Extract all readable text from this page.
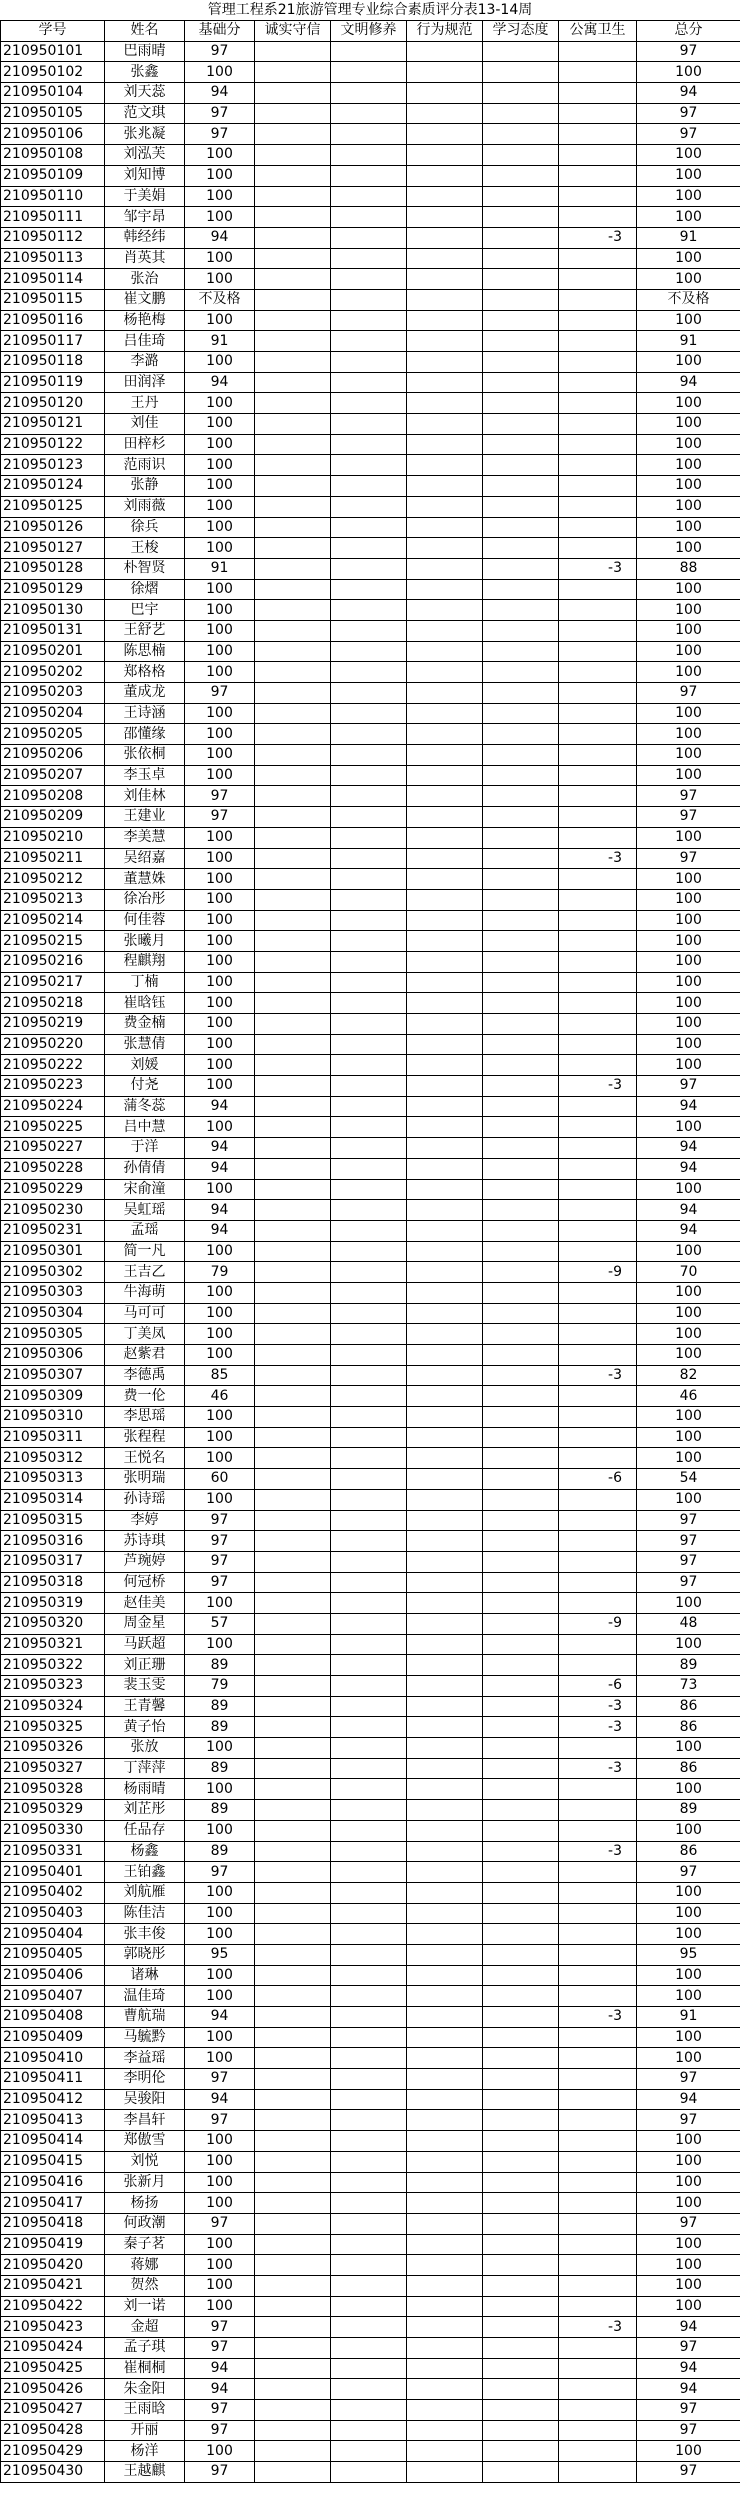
管理工程系21旅游管理专业综合素质评分表13-14周
学号	姓名	基础分	诚实守信	文明修养	行为规范	学习态度	公寓卫生	总分
210950101	巴雨晴	97						97
210950102	张鑫	100						100
210950104	刘天蕊	94						94
210950105	范文琪	97						97
210950106	张兆凝	97						97
210950108	刘泓芙	100						100
210950109	刘知博	100						100
210950110	于美娟	100						100
210950111	邹宇昂	100						100
210950112	韩经纬	94					-3	91
210950113	肖英其	100						100
210950114	张治	100						100
210950115	崔文鹏	不及格						不及格
210950116	杨艳梅	100						100
210950117	吕佳琦	91						91
210950118	李潞	100						100
210950119	田润泽	94						94
210950120	王丹	100						100
210950121	刘佳	100						100
210950122	田梓杉	100						100
210950123	范雨识	100						100
210950124	张静	100						100
210950125	刘雨薇	100						100
210950126	徐兵	100						100
210950127	王梭	100						100
210950128	朴智贤	91					-3	88
210950129	徐熠	100						100
210950130	巴宇	100						100
210950131	王舒艺	100						100
210950201	陈思楠	100						100
210950202	郑格格	100						100
210950203	董成龙	97						97
210950204	王诗涵	100						100
210950205	邵懂缘	100						100
210950206	张依桐	100						100
210950207	李玉卓	100						100
210950208	刘佳林	97						97
210950209	王建业	97						97
210950210	李美慧	100						100
210950211	吴绍嘉	100					-3	97
210950212	董慧姝	100						100
210950213	徐冶彤	100						100
210950214	何佳蓉	100						100
210950215	张曦月	100						100
210950216	程麒翔	100						100
210950217	丁楠	100						100
210950218	崔晗钰	100						100
210950219	费金楠	100						100
210950220	张慧倩	100						100
210950222	刘媛	100						100
210950223	付尧	100					-3	97
210950224	蒲冬蕊	94						94
210950225	吕中慧	100						100
210950227	于洋	94						94
210950228	孙倩倩	94						94
210950229	宋俞潼	100						100
210950230	吴虹瑶	94						94
210950231	孟瑶	94						94
210950301	简一凡	100						100
210950302	王吉乙	79					-9	70
210950303	牛海萌	100						100
210950304	马可可	100						100
210950305	丁美凤	100						100
210950306	赵紫君	100						100
210950307	李德禹	85					-3	82
210950309	费一伦	46						46
210950310	李思瑶	100						100
210950311	张程程	100						100
210950312	王悦名	100						100
210950313	张明瑞	60					-6	54
210950314	孙诗瑶	100						100
210950315	李婷	97						97
210950316	苏诗琪	97						97
210950317	芦琬婷	97						97
210950318	何冠桥	97						97
210950319	赵佳美	100						100
210950320	周金星	57					-9	48
210950321	马跃超	100						100
210950322	刘正珊	89						89
210950323	裴玉雯	79					-6	73
210950324	王青馨	89					-3	86
210950325	黄子怡	89					-3	86
210950326	张放	100						100
210950327	丁萍萍	89					-3	86
210950328	杨雨晴	100						100
210950329	刘芷彤	89						89
210950330	任品存	100						100
210950331	杨鑫	89					-3	86
210950401	王铂鑫	97						97
210950402	刘航雁	100						100
210950403	陈佳洁	100						100
210950404	张丰俊	100						100
210950405	郭晓彤	95						95
210950406	诸琳	100						100
210950407	温佳琦	100						100
210950408	曹航瑞	94					-3	91
210950409	马毓黔	100						100
210950410	李益瑶	100						100
210950411	李明伦	97						97
210950412	吴骏阳	94						94
210950413	李昌轩	97						97
210950414	郑傲雪	100						100
210950415	刘悦	100						100
210950416	张新月	100						100
210950417	杨扬	100						100
210950418	何政潮	97						97
210950419	秦子茗	100						100
210950420	蒋娜	100						100
210950421	贺然	100						100
210950422	刘一诺	100						100
210950423	金超	97					-3	94
210950424	孟子琪	97						97
210950425	崔桐桐	94						94
210950426	朱金阳	94						94
210950427	王雨晗	97						97
210950428	开丽	97						97
210950429	杨洋	100						100
210950430	王越麒	97						97
